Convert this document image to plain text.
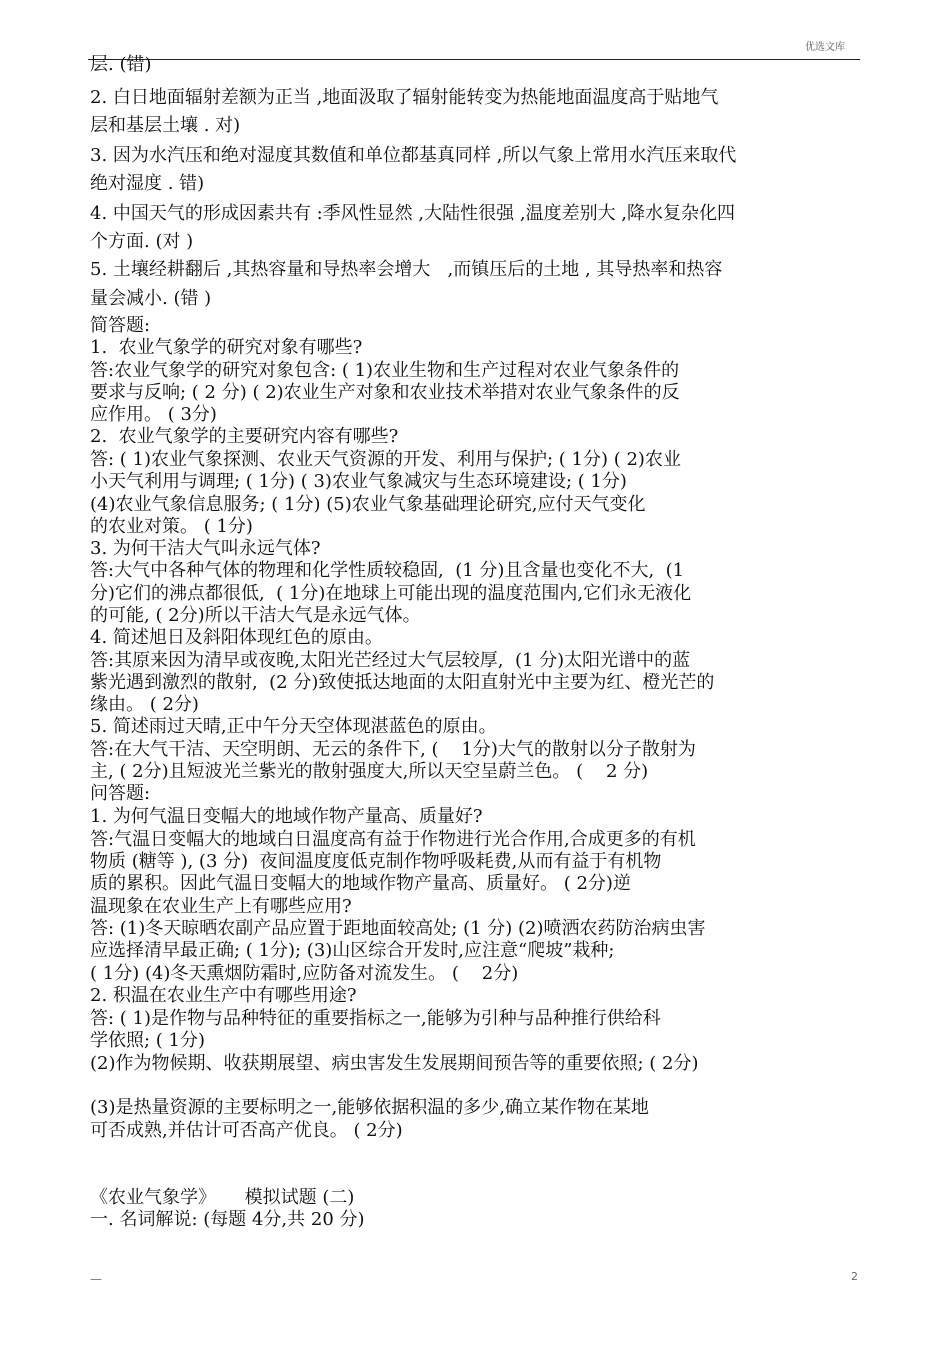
优选文库
层. (错)
2. 白日地面辐射差额为正当 ,地面汲取了辐射能转变为热能地面温度高于贴地气
层和基层土壤 . 对)
3. 因为水汽压和绝对湿度其数值和单位都基真同样 ,所以气象上常用水汽压来取代
绝对湿度 . 错)
4. 中国天气的形成因素共有 :季风性显然 ,大陆性很强 ,温度差别大 ,降水复杂化四
个方面. (对 )
5. 土壤经耕翻后 ,其热容量和导热率会增大   ,而镇压后的土地 , 其导热率和热容
量会减小. (错 )
简答题:
1.  农业气象学的研究对象有哪些?
答:农业气象学的研究对象包含: ( 1)农业生物和生产过程对农业气象条件的
要求与反响; ( 2 分) ( 2)农业生产对象和农业技术举措对农业气象条件的反
应作用。 ( 3分)
2.  农业气象学的主要研究内容有哪些?
答: ( 1)农业气象探测、农业天气资源的开发、利用与保护; ( 1分) ( 2)农业
小天气利用与调理; ( 1分) ( 3)农业气象减灾与生态环境建设; ( 1分)
(4)农业气象信息服务; ( 1分) (5)农业气象基础理论研究,应付天气变化
的农业对策。 ( 1分)
3. 为何干洁大气叫永远气体?
答:大气中各种气体的物理和化学性质较稳固,  (1 分)且含量也变化不大,  (1
分)它们的沸点都很低,  ( 1分)在地球上可能出现的温度范围内,它们永无液化
的可能, ( 2分)所以干洁大气是永远气体。
4. 简述旭日及斜阳体现红色的原由。
答:其原来因为清早或夜晚,太阳光芒经过大气层较厚,  (1 分)太阳光谱中的蓝
紫光遇到激烈的散射,  (2 分)致使抵达地面的太阳直射光中主要为红、橙光芒的
缘由。 ( 2分)
5. 简述雨过天晴,正中午分天空体现湛蓝色的原由。
答:在大气干洁、天空明朗、无云的条件下, (    1分)大气的散射以分子散射为
主, ( 2分)且短波光兰紫光的散射强度大,所以天空呈蔚兰色。 (    2 分)
问答题:
1. 为何气温日变幅大的地域作物产量高、质量好?
答:气温日变幅大的地域白日温度高有益于作物进行光合作用,合成更多的有机
物质 (糖等 ), (3 分)  夜间温度度低克制作物呼吸耗费,从而有益于有机物
质的累积。因此气温日变幅大的地域作物产量高、质量好。 ( 2分)逆
温现象在农业生产上有哪些应用?
答: (1)冬天晾晒农副产品应置于距地面较高处; (1 分) (2)喷洒农药防治病虫害
应选择清早最正确; ( 1分); (3)山区综合开发时,应注意“爬坡”栽种;
( 1分) (4)冬天熏烟防霜时,应防备对流发生。 (    2分)
2. 积温在农业生产中有哪些用途?
答: ( 1)是作物与品种特征的重要指标之一,能够为引种与品种推行供给科
学依照; ( 1分)
(2)作为物候期、收获期展望、病虫害发生发展期间预告等的重要依照; ( 2分)
(3)是热量资源的主要标明之一,能够依据积温的多少,确立某作物在某地
可否成熟,并估计可否高产优良。 ( 2分)
《农业气象学》     模拟试题 (二)
一. 名词解说: (每题 4分,共 20 分)
—	2
